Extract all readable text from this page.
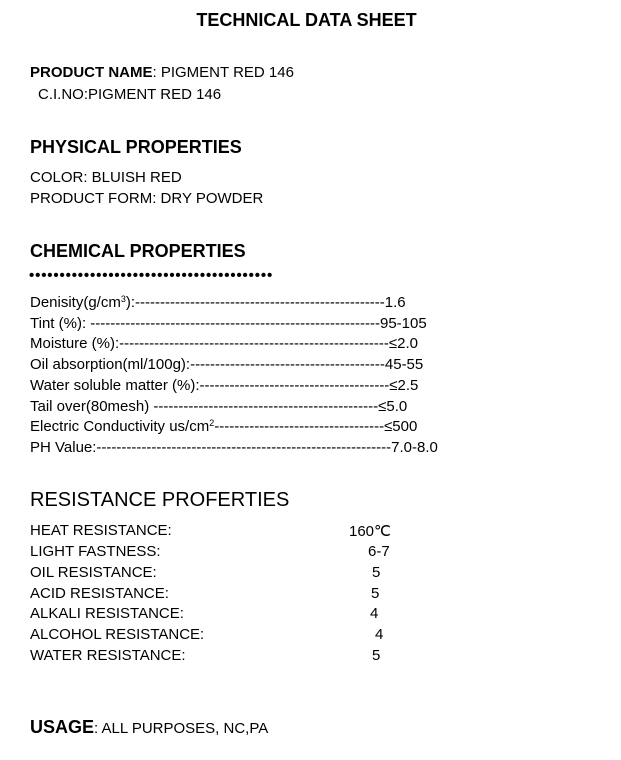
TECHNICAL DATA SHEET
PRODUCT NAME: PIGMENT RED 146
C.I.NO:PIGMENT RED 146
PHYSICAL PROPERTIES
COLOR: BLUISH RED
PRODUCT FORM: DRY POWDER
CHEMICAL PROPERTIES
••••••••••••••••••••••••••••••••••••••••
$Denisity(g/cm^3):--------------------------------------------------1.6$
Tint (%): ----------------------------------------------------------95-105
Moisture (%):------------------------------------------------------≤2.0
Oil absorption(ml/100g):---------------------------------------45-55
Water soluble matter (%):--------------------------------------≤2.5
Tail over(80mesh) ---------------------------------------------≤5.0
Electric Conductivity $us/cm^2----------------------------------\le 500$
PH Value:-----------------------------------------------------------7.0-8.0
RESISTANCE PROFERTIES
HEAT RESISTANCE:	160℃
LIGHT FASTNESS:	6-7
OIL RESISTANCE:	5
ACID RESISTANCE:	5
ALKALI RESISTANCE:	4
ALCOHOL RESISTANCE:	4
WATER RESISTANCE:	5
USAGE: ALL PURPOSES, NC,PA
